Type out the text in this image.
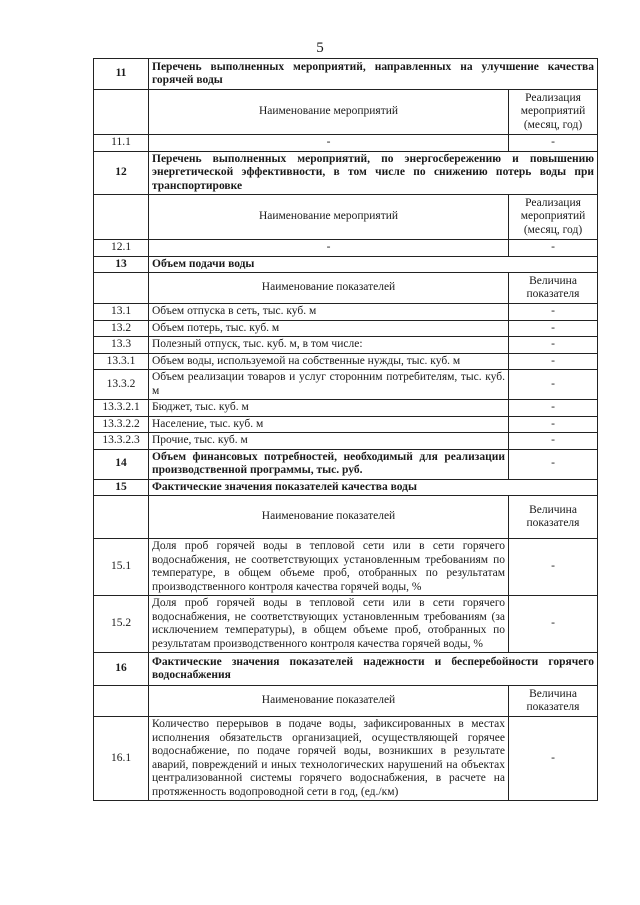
5
11	Перечень выполненных мероприятий, направленных на улучшение качества горячей воды	
	Наименование мероприятий	Реализация мероприятий (месяц, год)
11.1	-	-
12	Перечень выполненных мероприятий, по энергосбережению и повышению энергетической эффективности, в том числе по снижению потерь воды при транспортировке	
	Наименование мероприятий	Реализация мероприятий (месяц, год)
12.1	-	-
13	Объем подачи воды	
	Наименование показателей	Величина показателя
13.1	Объем отпуска в сеть, тыс. куб. м	-
13.2	Объем потерь, тыс. куб. м	-
13.3	Полезный отпуск, тыс. куб. м, в том числе:	-
13.3.1	Объем воды, используемой на собственные нужды, тыс. куб. м	-
13.3.2	Объем реализации товаров и услуг сторонним потребителям, тыс. куб. м	-
13.3.2.1	Бюджет, тыс. куб. м	-
13.3.2.2	Население, тыс. куб. м	-
13.3.2.3	Прочие, тыс. куб. м	-
14	Объем финансовых потребностей, необходимый для реализации производственной программы, тыс. руб.	-
15	Фактические значения показателей качества воды	
	Наименование показателей	Величина показателя
15.1	Доля проб горячей воды в тепловой сети или в сети горячего водоснабжения, не соответствующих установленным требованиям по температуре, в общем объеме проб, отобранных по результатам производственного контроля качества горячей воды, %	-
15.2	Доля проб горячей воды в тепловой сети или в сети горячего водоснабжения, не соответствующих установленным требованиям (за исключением температуры), в общем объеме проб, отобранных по результатам производственного контроля качества горячей воды, %	-
16	Фактические значения показателей надежности и бесперебойности горячего водоснабжения	
	Наименование показателей	Величина показателя
16.1	Количество перерывов в подаче воды, зафиксированных в местах исполнения обязательств организацией, осуществляющей горячее водоснабжение, по подаче горячей воды, возникших в результате аварий, повреждений и иных технологических нарушений на объектах централизованной системы горячего водоснабжения, в расчете на протяженность водопроводной сети в год, (ед./км)	-
